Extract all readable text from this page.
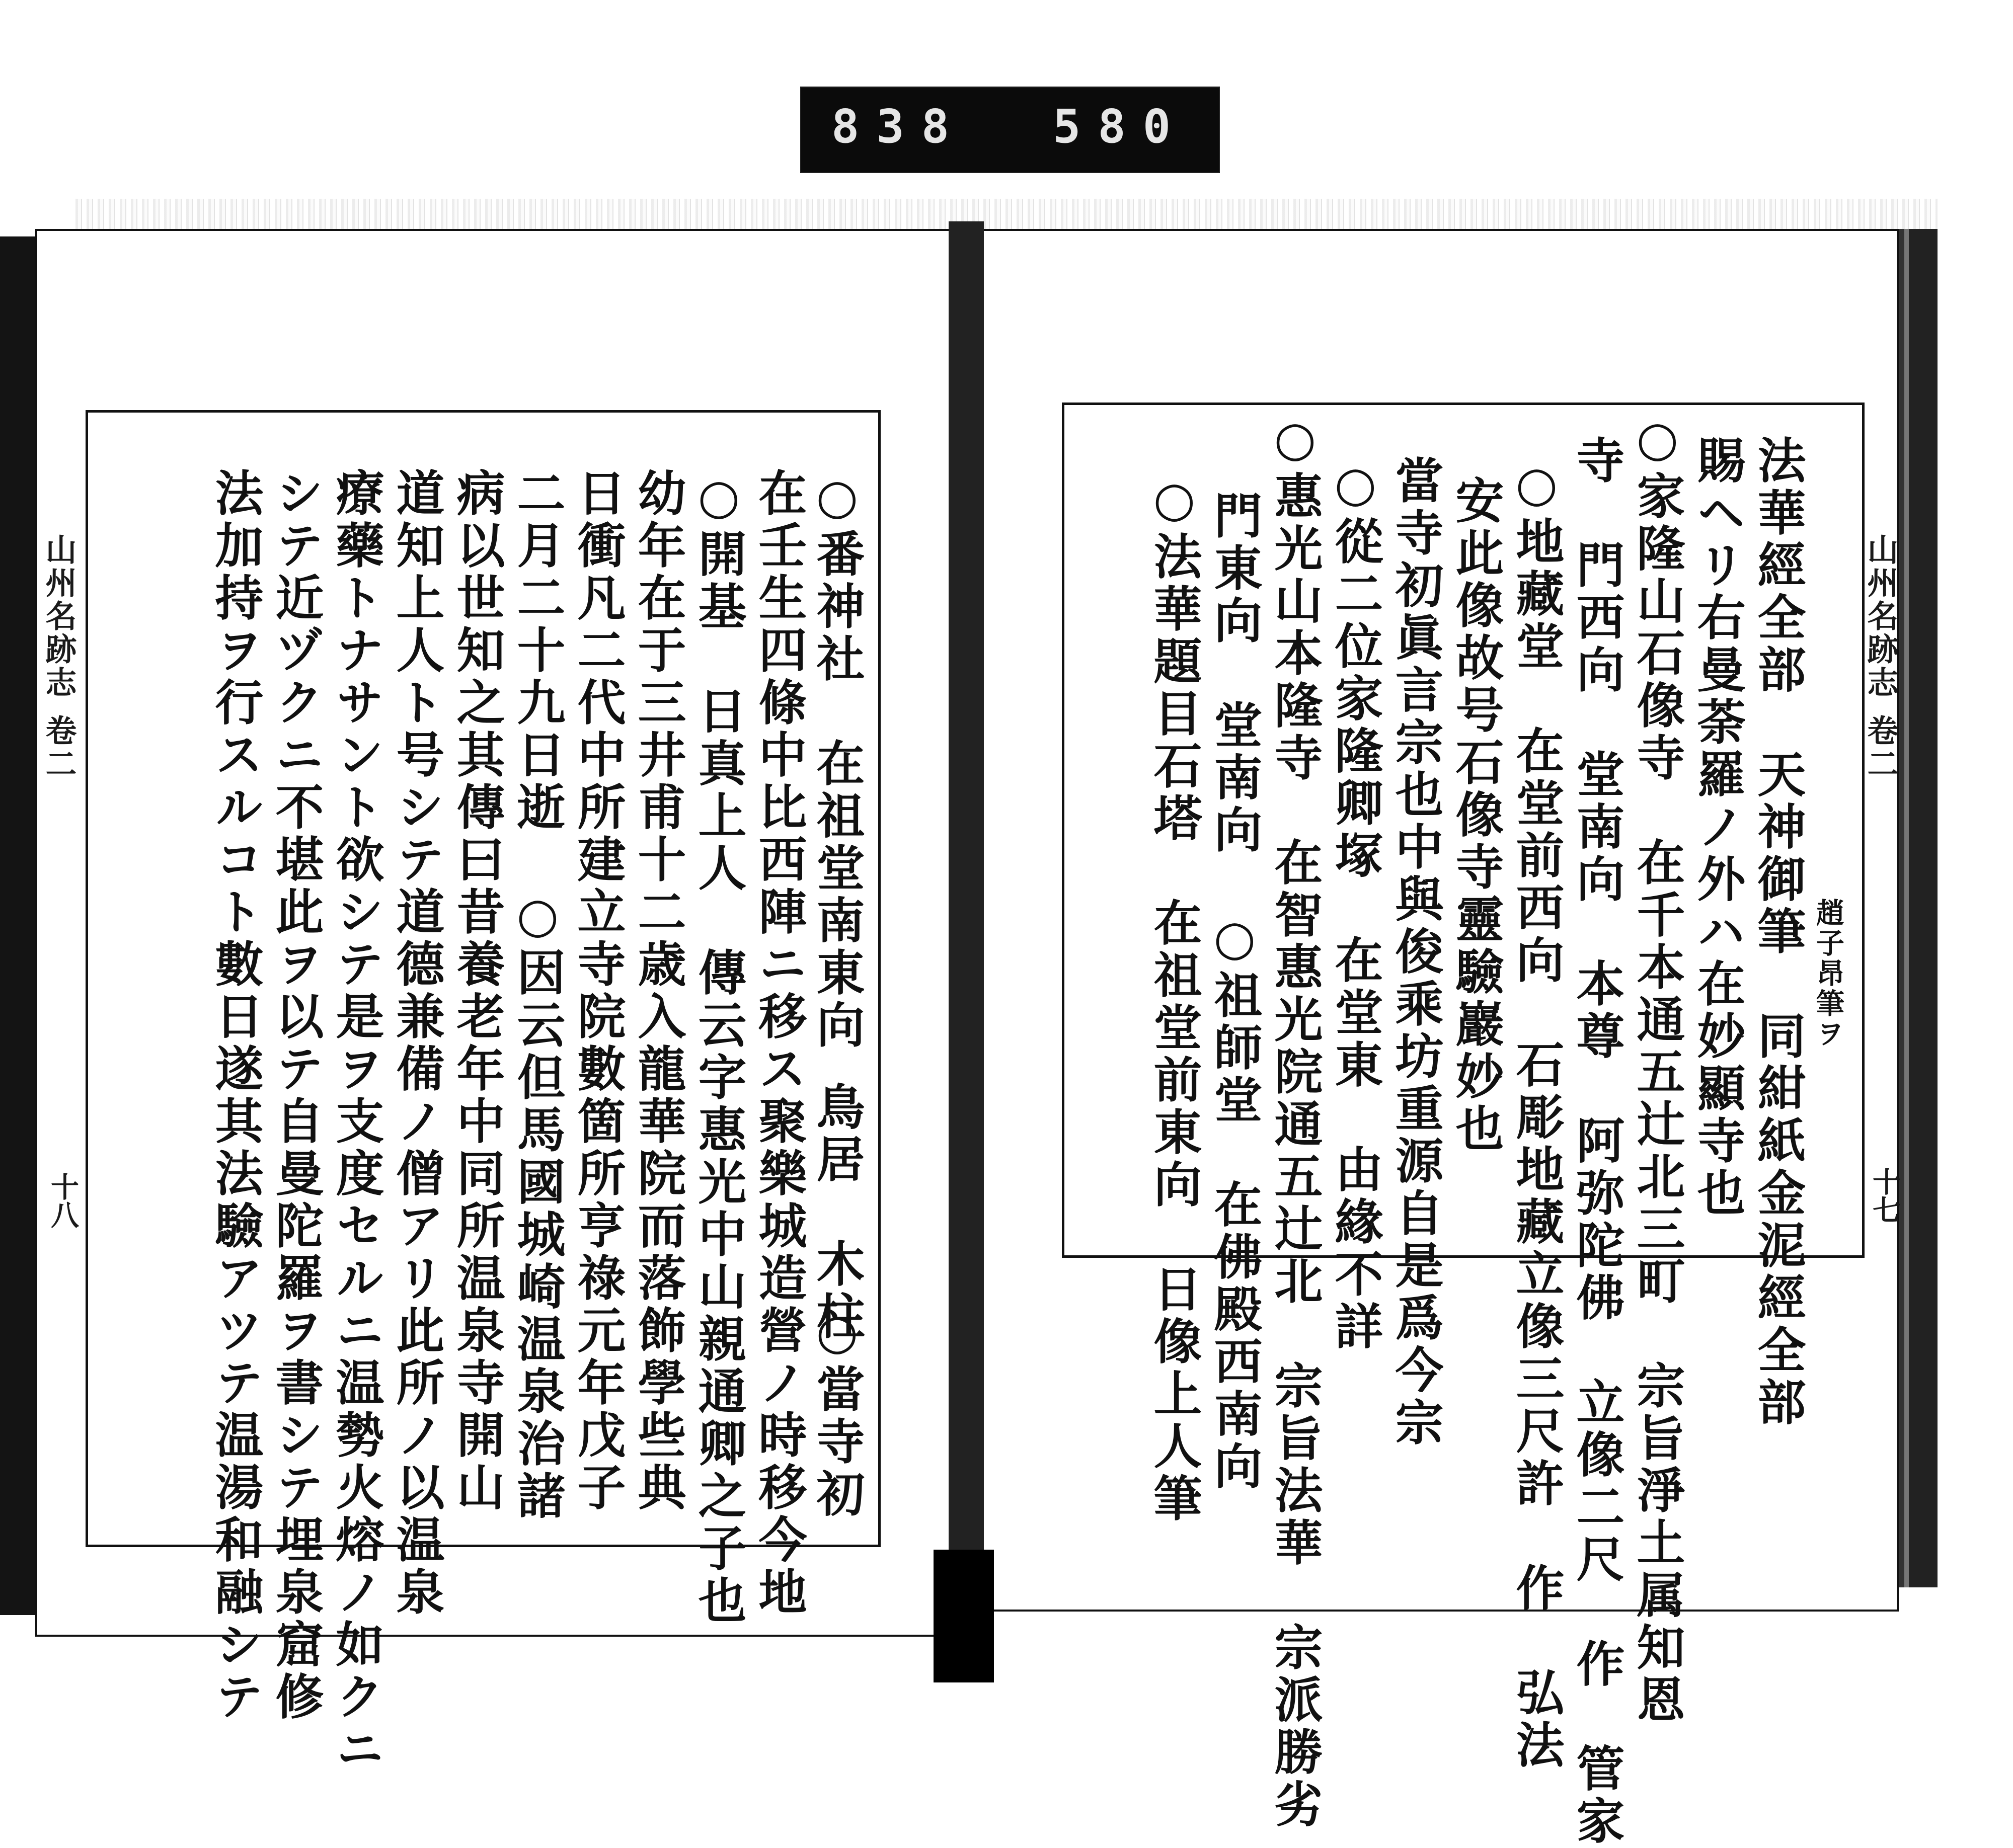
838 580
山州名跡志
卷二
十八
山州名跡志
卷二
十七
○當寺初
鳥居　木柱
○番神社　在祖堂南東向
在壬生四條中比西陣ニ移ス聚樂城造營ノ時移今地
○開基　日真上人　傳云字惠光中山親通卿之子也
幼年在于三井甫十二歳入龍華院而落飾學些典
日衝凡二代中所建立寺院數箇所亨祿元年戊子
二月二十九日逝　○因云但馬國城崎温泉治諸
病以世知之其傳曰昔養老年中同所温泉寺開山
道知上人ト号シテ道德兼備ノ僧アリ此所ノ以温泉
療藥トナサント欲シテ是ヲ支度セルニ温勢火熔ノ如クニ
シテ近ヅクニ不堪此ヲ以テ自曼陀羅ヲ書シテ埋泉窟修
法加持ヲ行スルコト數日遂其法驗アツテ温湯和融シテ	趙子昂筆ヲ
法華經全部　天神御筆　同紺紙金泥經全部
賜ヘリ右曼荼羅ノ外ハ在妙顯寺也
○家隆山石像寺　在千本通五辻北三町　宗旨淨土属知恩
寺　門西向　堂南向　本尊　阿弥陀佛　立像二尺　作　管家
○地藏堂　在堂前西向　石彫地藏立像三尺許　作　弘法
安此像故号石像寺靈驗巖妙也
當寺初眞言宗也中與俊乘坊重源自是爲今宗
○從二位家隆卿塚　在堂東　由緣不詳
○惠光山本隆寺　在智惠光院通五辻北　宗旨法華　宗派勝劣
門東向　堂南向　○祖師堂　在佛殿西南向
○法華題目石塔　在祖堂前東向　日像上人筆
